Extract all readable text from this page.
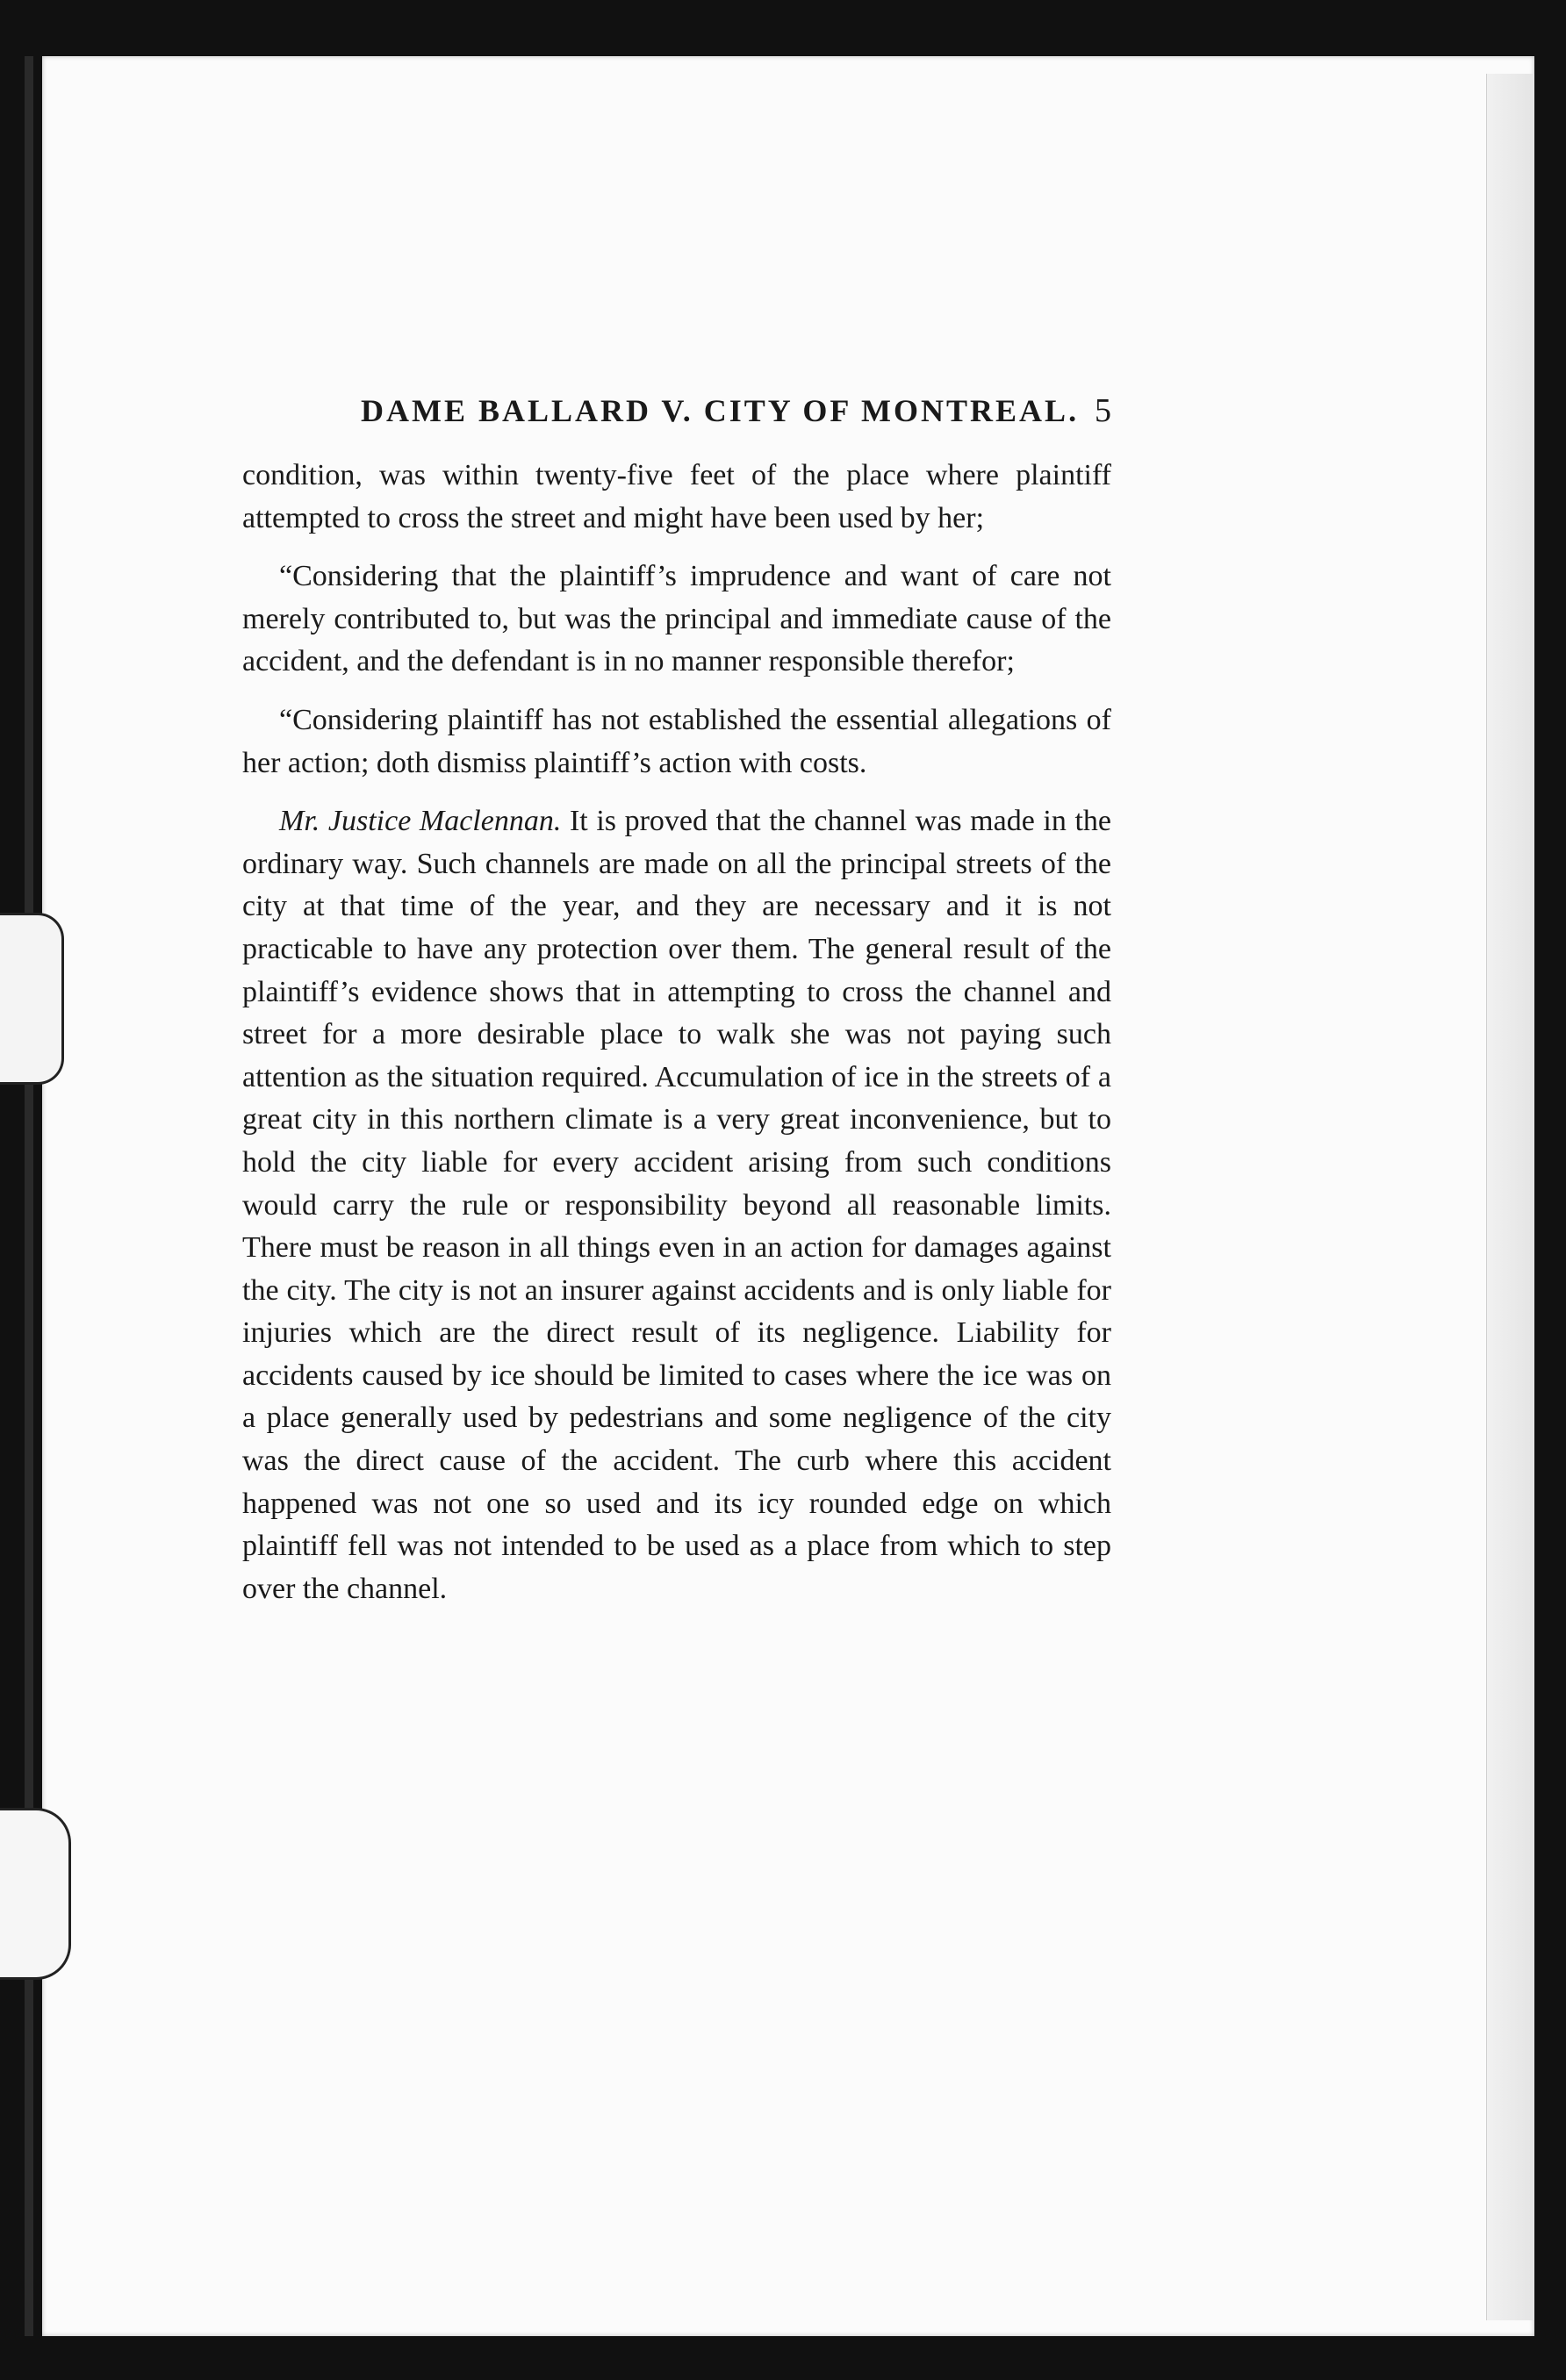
DAME BALLARD V. CITY OF MONTREAL. 5

condition, was within twenty-five feet of the place where plaintiff attempted to cross the street and might have been used by her;

“Considering that the plaintiff’s imprudence and want of care not merely contributed to, but was the principal and immediate cause of the accident, and the defendant is in no manner responsible therefor;

“Considering plaintiff has not established the essential allegations of her action; doth dismiss plaintiff’s action with costs.

Mr. Justice Maclennan. It is proved that the channel was made in the ordinary way. Such channels are made on all the principal streets of the city at that time of the year, and they are necessary and it is not practicable to have any protection over them. The general result of the plaintiff’s evidence shows that in attempting to cross the channel and street for a more desirable place to walk she was not paying such attention as the situation required. Accumulation of ice in the streets of a great city in this northern climate is a very great inconvenience, but to hold the city liable for every accident arising from such conditions would carry the rule or responsibility beyond all reasonable limits. There must be reason in all things even in an action for damages against the city. The city is not an insurer against accidents and is only liable for injuries which are the direct result of its negligence. Liability for accidents caused by ice should be limited to cases where the ice was on a place generally used by pedestrians and some negligence of the city was the direct cause of the accident. The curb where this accident happened was not one so used and its icy rounded edge on which plaintiff fell was not intended to be used as a place from which to step over the channel.
